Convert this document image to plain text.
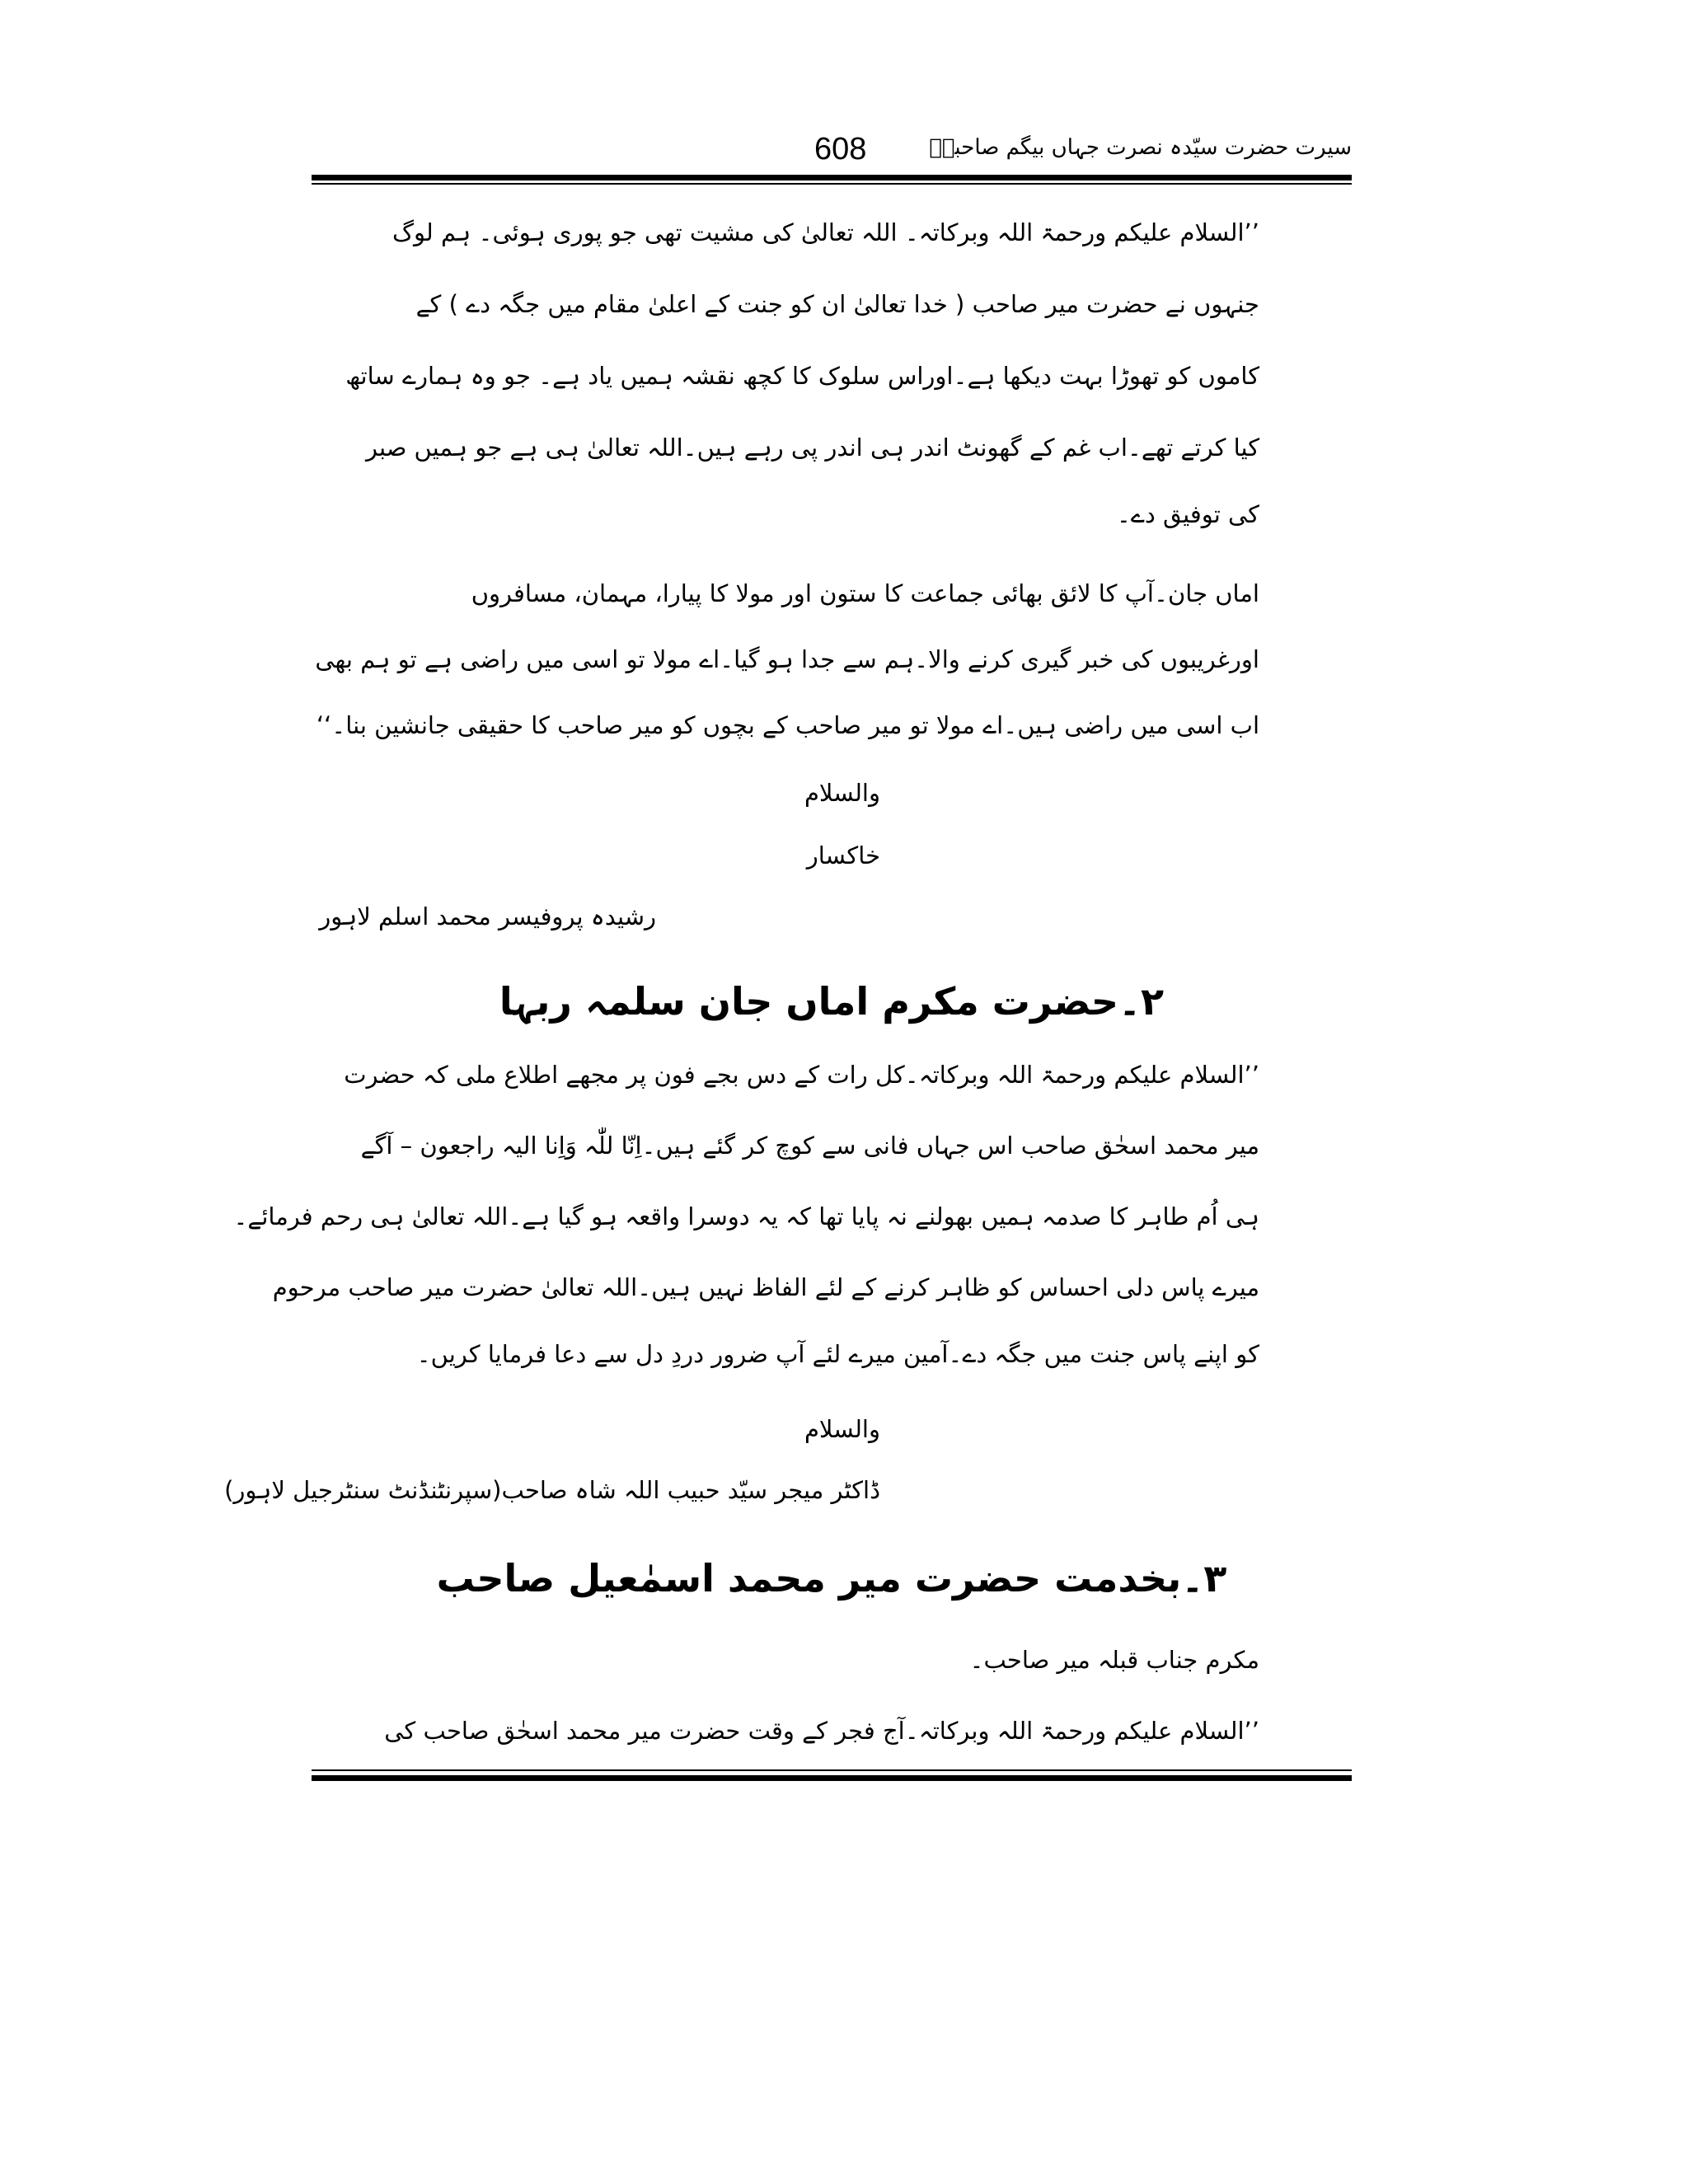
سیرت حضرت سیّدہ نصرت جہاں بیگم صاحبہؓ
608
’’السلام علیکم ورحمۃ اللہ وبرکاتہ۔ اللہ تعالیٰ کی مشیت تھی جو پوری ہوئی۔ ہم لوگ
جنہوں نے حضرت میر صاحب ( خدا تعالیٰ ان کو جنت کے اعلیٰ مقام میں جگہ دے ) کے
کاموں کو تھوڑا بہت دیکھا ہے۔اوراس سلوک کا کچھ نقشہ ہمیں یاد ہے۔ جو وہ ہمارے ساتھ
کیا کرتے تھے۔اب غم کے گھونٹ اندر ہی اندر پی رہے ہیں۔اللہ تعالیٰ ہی ہے جو ہمیں صبر
کی توفیق دے۔
اماں جان۔آپ کا لائق بھائی جماعت کا ستون اور مولا کا پیارا، مہمان، مسافروں
اورغریبوں کی خبر گیری کرنے والا۔ہم سے جدا ہو گیا۔اے مولا تو اسی میں راضی ہے تو ہم بھی
اب اسی میں راضی ہیں۔اے مولا تو میر صاحب کے بچوں کو میر صاحب کا حقیقی جانشین بنا۔‘‘
والسلام
خاکسار
رشیدہ پروفیسر محمد اسلم لاہور
۲۔حضرت مکرم اماں جان سلمہ ربہا
’’السلام علیکم ورحمۃ اللہ وبرکاتہ۔کل رات کے دس بجے فون پر مجھے اطلاع ملی کہ حضرت
میر محمد اسحٰق صاحب اس جہاں فانی سے کوچ کر گئے ہیں۔اِنّا للّٰہ وَاِنا الیہ راجعون – آگے
ہی اُم طاہر کا صدمہ ہمیں بھولنے نہ پایا تھا کہ یہ دوسرا واقعہ ہو گیا ہے۔اللہ تعالیٰ ہی رحم فرمائے۔
میرے پاس دلی احساس کو ظاہر کرنے کے لئے الفاظ نہیں ہیں۔اللہ تعالیٰ حضرت میر صاحب مرحوم
کو اپنے پاس جنت میں جگہ دے۔آمین میرے لئے آپ ضرور دردِ دل سے دعا فرمایا کریں۔
والسلام
ڈاکٹر میجر سیّد حبیب اللہ شاہ صاحب(سپرنٹنڈنٹ سنٹرجیل لاہور)
۳۔بخدمت حضرت میر محمد اسمٰعیل صاحب
مکرم جناب قبلہ میر صاحب۔
’’السلام علیکم ورحمۃ اللہ وبرکاتہ۔آج فجر کے وقت حضرت میر محمد اسحٰق صاحب کی
